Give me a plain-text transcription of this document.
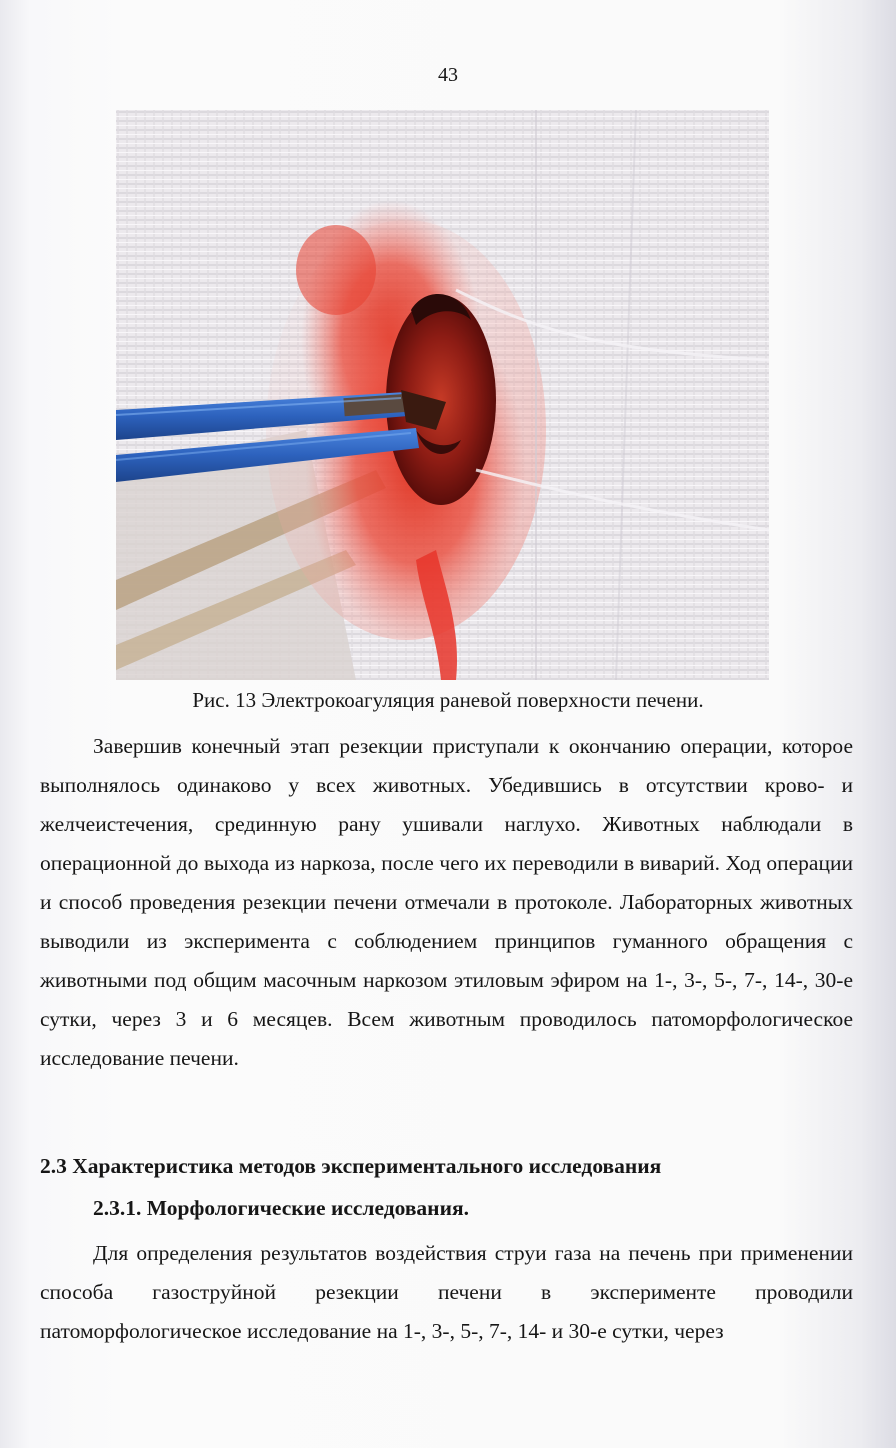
43
Рис. 13 Электрокоагуляция раневой поверхности печени.

Завершив конечный этап резекции приступали к окончанию операции, которое выполнялось одинаково у всех животных. Убедившись в отсутствии крово- и желчеистечения, срединную рану ушивали наглухо. Животных наблюдали в операционной до выхода из наркоза, после чего их переводили в виварий. Ход операции и способ проведения резекции печени отмечали в протоколе. Лабораторных животных выводили из эксперимента с соблюдением принципов гуманного обращения с животными под общим масочным наркозом этиловым эфиром на 1-, 3-, 5-, 7-, 14-, 30-е сутки, через 3 и 6 месяцев. Всем животным проводилось патоморфологическое исследование печени.

2.3 Характеристика методов экспериментального исследования
2.3.1. Морфологические исследования.

Для определения результатов воздействия струи газа на печень при применении способа газоструйной резекции печени в эксперименте проводили патоморфологическое исследование на 1-, 3-, 5-, 7-, 14- и 30-е сутки, через
